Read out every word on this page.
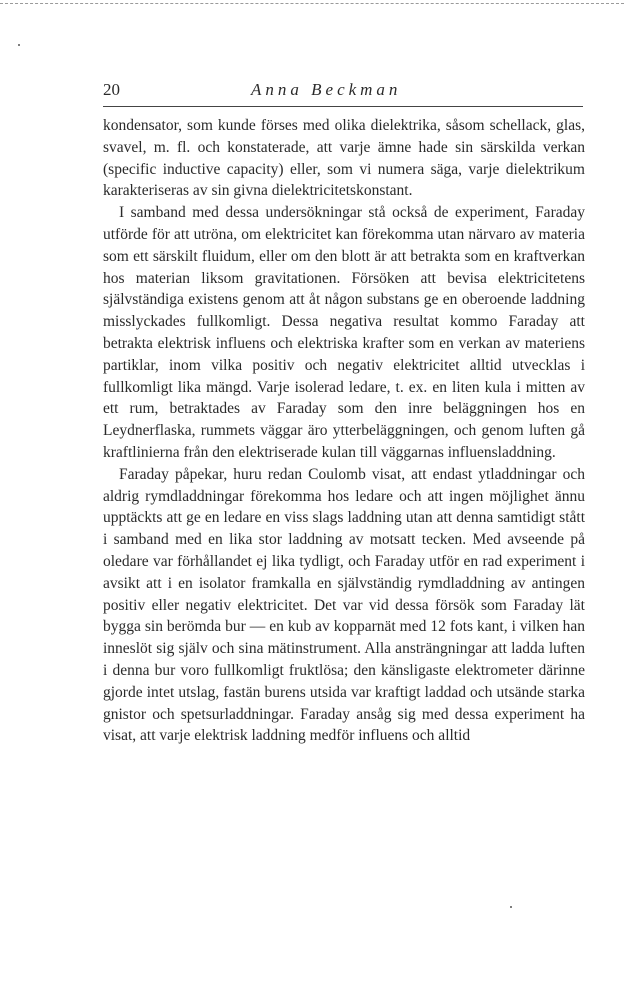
20	Anna Beckman

kondensator, som kunde förses med olika dielektrika, såsom schellack, glas, svavel, m. fl. och konstaterade, att varje ämne hade sin särskilda verkan (specific inductive capacity) eller, som vi numera säga, varje dielektrikum karakteriseras av sin givna dielektricitetskonstant.

I samband med dessa undersökningar stå också de experiment, Faraday utförde för att utröna, om elektricitet kan förekomma utan närvaro av materia som ett särskilt fluidum, eller om den blott är att betrakta som en kraftverkan hos materian liksom gravitationen. Försöken att bevisa elektricitetens självständiga existens genom att åt någon substans ge en oberoende laddning misslyckades fullkomligt. Dessa negativa resultat kommo Faraday att betrakta elektrisk influens och elektriska krafter som en verkan av materiens partiklar, inom vilka positiv och negativ elektricitet alltid utvecklas i fullkomligt lika mängd. Varje isolerad ledare, t. ex. en liten kula i mitten av ett rum, betraktades av Faraday som den inre beläggningen hos en Leydnerflaska, rummets väggar äro ytterbeläggningen, och genom luften gå kraftlinierna från den elektriserade kulan till väggarnas influensladdning.

Faraday påpekar, huru redan Coulomb visat, att endast ytladdningar och aldrig rymdladdningar förekomma hos ledare och att ingen möjlighet ännu upptäckts att ge en ledare en viss slags laddning utan att denna samtidigt stått i samband med en lika stor laddning av motsatt tecken. Med avseende på oledare var förhållandet ej lika tydligt, och Faraday utför en rad experiment i avsikt att i en isolator framkalla en självständig rymdladdning av antingen positiv eller negativ elektricitet. Det var vid dessa försök som Faraday lät bygga sin berömda bur — en kub av kopparnät med 12 fots kant, i vilken han inneslöt sig själv och sina mätinstrument. Alla ansträngningar att ladda luften i denna bur voro fullkomligt fruktlösa; den känsligaste elektrometer därinne gjorde intet utslag, fastän burens utsida var kraftigt laddad och utsände starka gnistor och spetsurladdningar. Faraday ansåg sig med dessa experiment ha visat, att varje elektrisk laddning medför influens och alltid
